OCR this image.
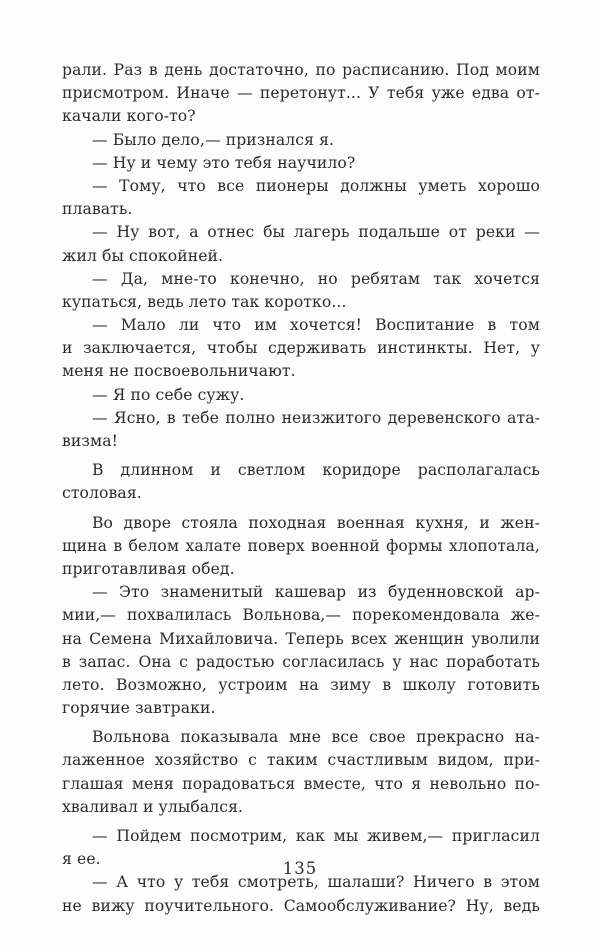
рали. Раз в день достаточно, по расписанию. Под моим
присмотром. Иначе — перетонут... У тебя уже едва от-
качали кого-то?
— Было дело,— признался я.
— Ну и чему это тебя научило?
— Тому, что все пионеры должны уметь хорошо
плавать.
— Ну вот, а отнес бы лагерь подальше от реки —
жил бы спокойней.
— Да, мне-то конечно, но ребятам так хочется
купаться, ведь лето так коротко...
— Мало ли что им хочется! Воспитание в том
и заключается, чтобы сдерживать инстинкты. Нет, у
меня не посвоевольничают.
— Я по себе сужу.
— Ясно, в тебе полно неизжитого деревенского ата-
визма!
В длинном и светлом коридоре располагалась
столовая.
Во дворе стояла походная военная кухня, и жен-
щина в белом халате поверх военной формы хлопотала,
приготавливая обед.
— Это знаменитый кашевар из буденновской ар-
мии,— похвалилась Вольнова,— порекомендовала же-
на Семена Михайловича. Теперь всех женщин уволили
в запас. Она с радостью согласилась у нас поработать
лето. Возможно, устроим на зиму в школу готовить
горячие завтраки.
Вольнова показывала мне все свое прекрасно на-
лаженное хозяйство с таким счастливым видом, при-
глашая меня порадоваться вместе, что я невольно по-
хваливал и улыбался.
— Пойдем посмотрим, как мы живем,— пригласил
я ее.
— А что у тебя смотреть, шалаши? Ничего в этом
не вижу поучительного. Самообслуживание? Ну, ведь
135
